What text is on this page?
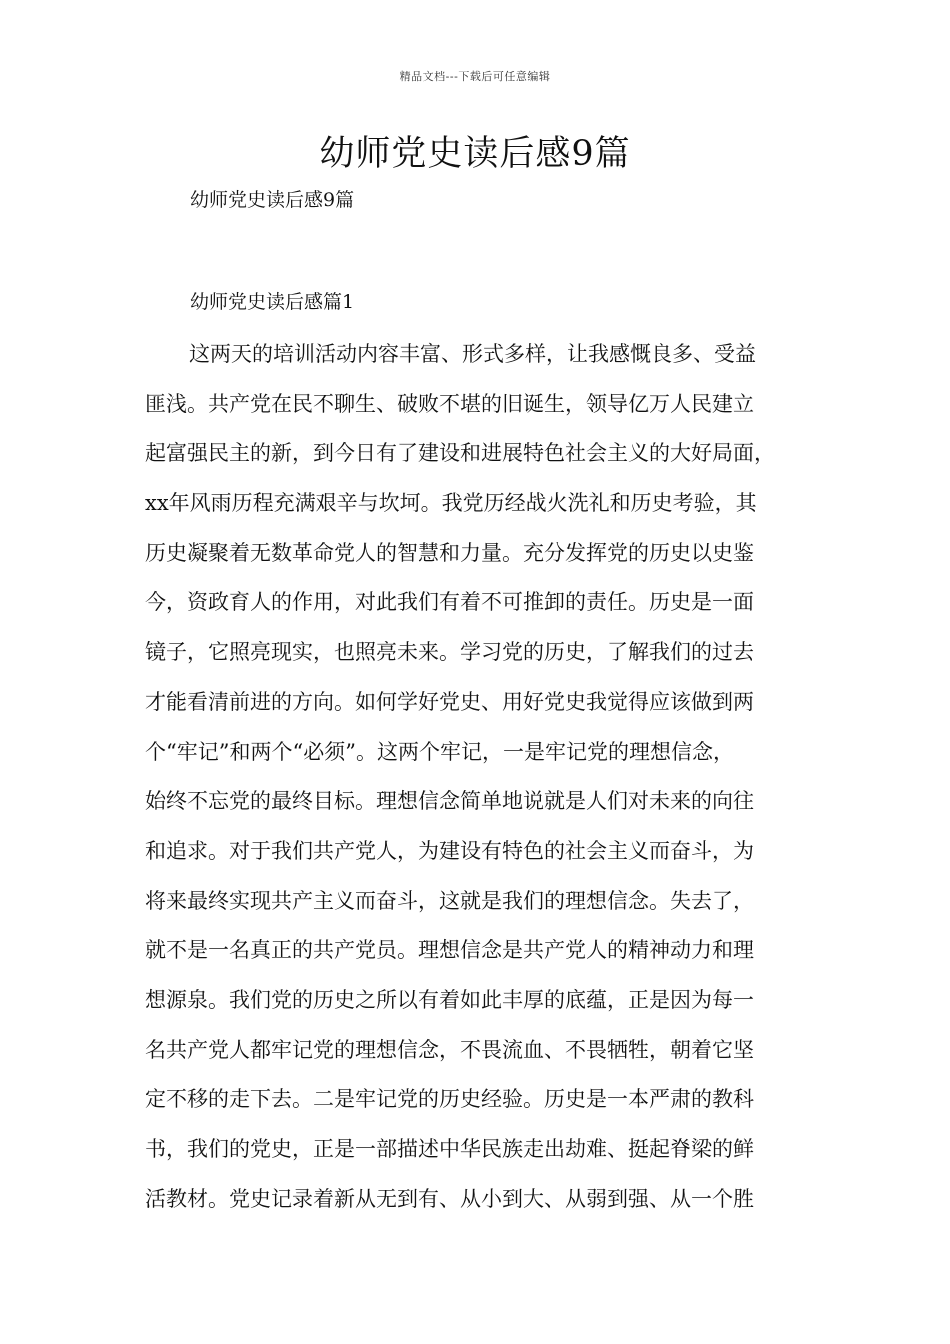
精品文档---下载后可任意编辑
幼师党史读后感9篇

幼师党史读后感9篇

幼师党史读后感篇1

这两天的培训活动内容丰富、形式多样，让我感慨良多、受益
匪浅。共产党在民不聊生、破败不堪的旧诞生，领导亿万人民建立
起富强民主的新，到今日有了建设和进展特色社会主义的大好局面，
xx年风雨历程充满艰辛与坎坷。我党历经战火洗礼和历史考验，其
历史凝聚着无数革命党人的智慧和力量。充分发挥党的历史以史鉴
今，资政育人的作用，对此我们有着不可推卸的责任。历史是一面
镜子，它照亮现实，也照亮未来。学习党的历史，了解我们的过去
才能看清前进的方向。如何学好党史、用好党史我觉得应该做到两
个“牢记”和两个“必须”。这两个牢记，一是牢记党的理想信念，
始终不忘党的最终目标。理想信念简单地说就是人们对未来的向往
和追求。对于我们共产党人，为建设有特色的社会主义而奋斗，为
将来最终实现共产主义而奋斗，这就是我们的理想信念。失去了，
就不是一名真正的共产党员。理想信念是共产党人的精神动力和理
想源泉。我们党的历史之所以有着如此丰厚的底蕴，正是因为每一
名共产党人都牢记党的理想信念，不畏流血、不畏牺牲，朝着它坚
定不移的走下去。二是牢记党的历史经验。历史是一本严肃的教科
书，我们的党史，正是一部描述中华民族走出劫难、挺起脊梁的鲜
活教材。党史记录着新从无到有、从小到大、从弱到强、从一个胜
